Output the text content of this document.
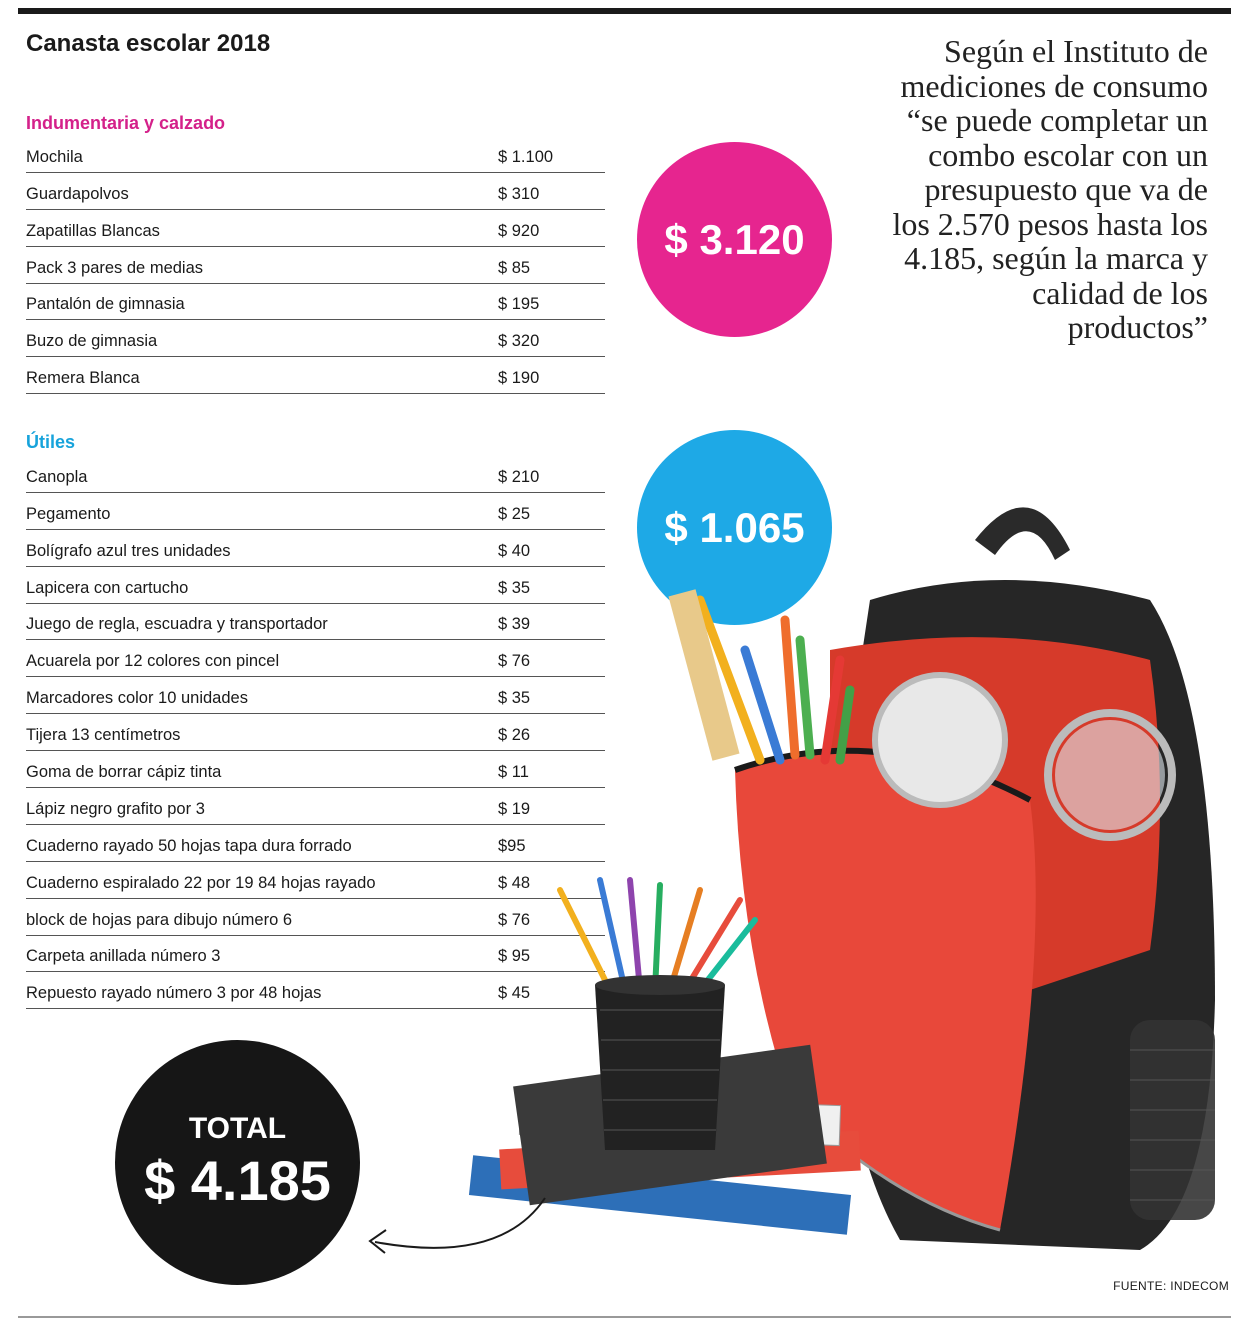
Canasta escolar 2018
Indumentaria y calzado
Mochila	$ 1.100
Guardapolvos	$ 310
Zapatillas Blancas	$ 920
Pack 3 pares de medias	$ 85
Pantalón de gimnasia	$ 195
Buzo de gimnasia	$ 320
Remera Blanca	$ 190
Útiles
Canopla	$ 210
Pegamento	$ 25
Bolígrafo azul tres unidades	$ 40
Lapicera con cartucho	$ 35
Juego de regla, escuadra y transportador	$ 39
Acuarela por 12 colores con pincel	$ 76
Marcadores color 10 unidades	$ 35
Tijera 13 centímetros	$ 26
Goma de borrar cápiz tinta	$ 11
Lápiz negro grafito por 3	$ 19
Cuaderno rayado 50 hojas tapa dura forrado	$95
Cuaderno espiralado 22 por 19 84 hojas rayado	$ 48
block de hojas para dibujo número 6	$ 76
Carpeta anillada número 3	$ 95
Repuesto rayado número 3 por 48 hojas	$ 45
$ 3.120
$ 1.065
TOTAL
$ 4.185
Según el Instituto de mediciones de consumo “se puede completar un combo escolar con un presupuesto que va de los 2.570 pesos hasta los 4.185, según la marca y calidad de los productos”
FUENTE: INDECOM
